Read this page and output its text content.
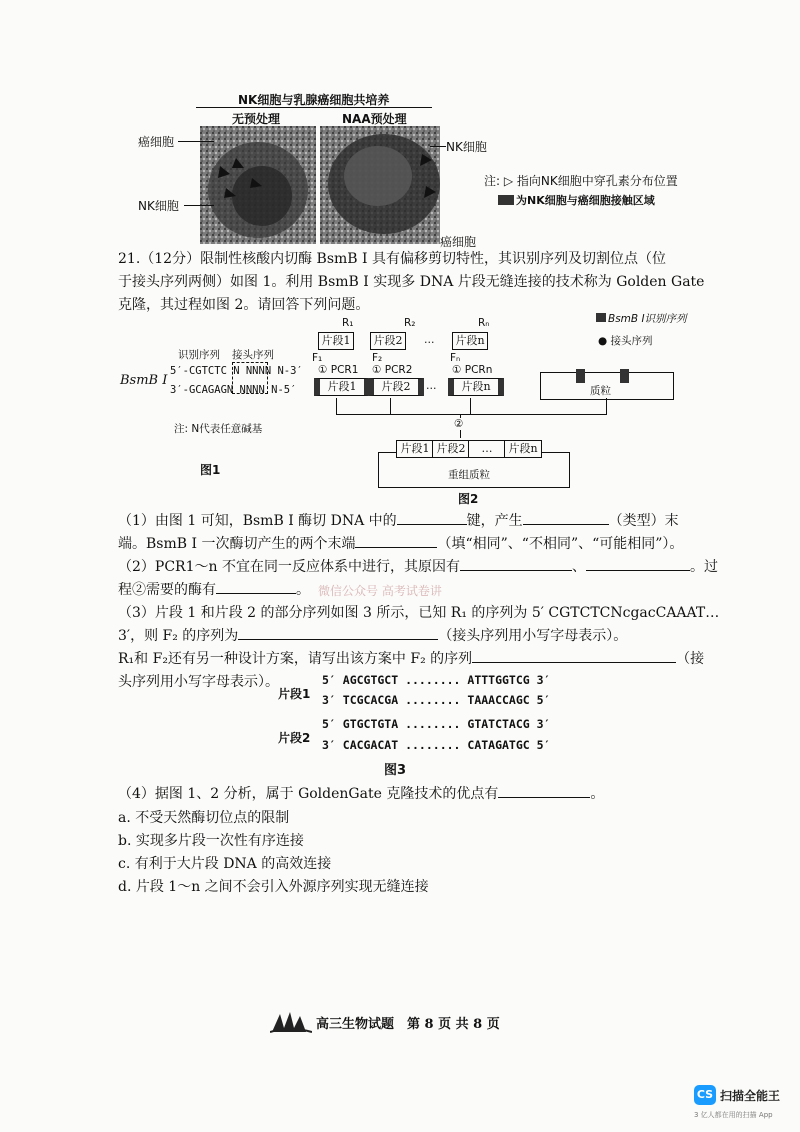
NK细胞与乳腺癌细胞共培养
无预处理	NAA预处理
癌细胞
NK细胞
NK细胞
癌细胞
注: ▷ 指向NK细胞中穿孔素分布位置
为NK细胞与癌细胞接触区域
21.（12分）限制性核酸内切酶 BsmB Ⅰ 具有偏移剪切特性，其识别序列及切割位点（位
于接头序列两侧）如图 1。利用 BsmB Ⅰ 实现多 DNA 片段无缝连接的技术称为 Golden Gate
克隆，其过程如图 2。请回答下列问题。
识别序列 接头序列
BsmB Ⅰ
5′-CGTCTC N NNNN N-3′
3′-GCAGAGN NNNN N-5′
注: N代表任意碱基
图1
BsmB Ⅰ识别序列
● 接头序列
片段1	片段2	片段n
R₁	R₂	Rₙ
…
F₁	F₂	Fₙ
① PCR1 ① PCR2	① PCRn
片段1	片段2	片段n
…	质粒
②
片段1 片段2	…	片段n
重组质粒
图2
（1）由图 1 可知，BsmB Ⅰ 酶切 DNA 中的	键，产生	（类型）末
端。BsmB Ⅰ 一次酶切产生的两个末端	（填“相同”、“不相同”、“可能相同”）。
（2）PCR1～n 不宜在同一反应体系中进行，其原因有	、	。过
程②需要的酶有	。 微信公众号 高考试卷讲
（3）片段 1 和片段 2 的部分序列如图 3 所示，已知 R₁ 的序列为 5′ CGTCTCNcgacCAAAT…
3′，则 F₂ 的序列为	（接头序列用小写字母表示）。
R₁和 F₂还有另一种设计方案，请写出该方案中 F₂ 的序列	（接
头序列用小写字母表示）。
片段1
5′ AGCGTGCT ........ ATTTGGTCG 3′
3′ TCGCACGA ........ TAAACCAGC 5′
片段2
5′ GTGCTGTA ........ GTATCTACG 3′
3′ CACGACAT ........ CATAGATGC 5′
图3
（4）据图 1、2 分析，属于 GoldenGate 克隆技术的优点有	。
a. 不受天然酶切位点的限制
b. 实现多片段一次性有序连接
c. 有利于大片段 DNA 的高效连接
d. 片段 1～n 之间不会引入外源序列实现无缝连接
高三生物试题　第 8 页 共 8 页
CS 扫描全能王
3 亿人都在用的扫描 App
